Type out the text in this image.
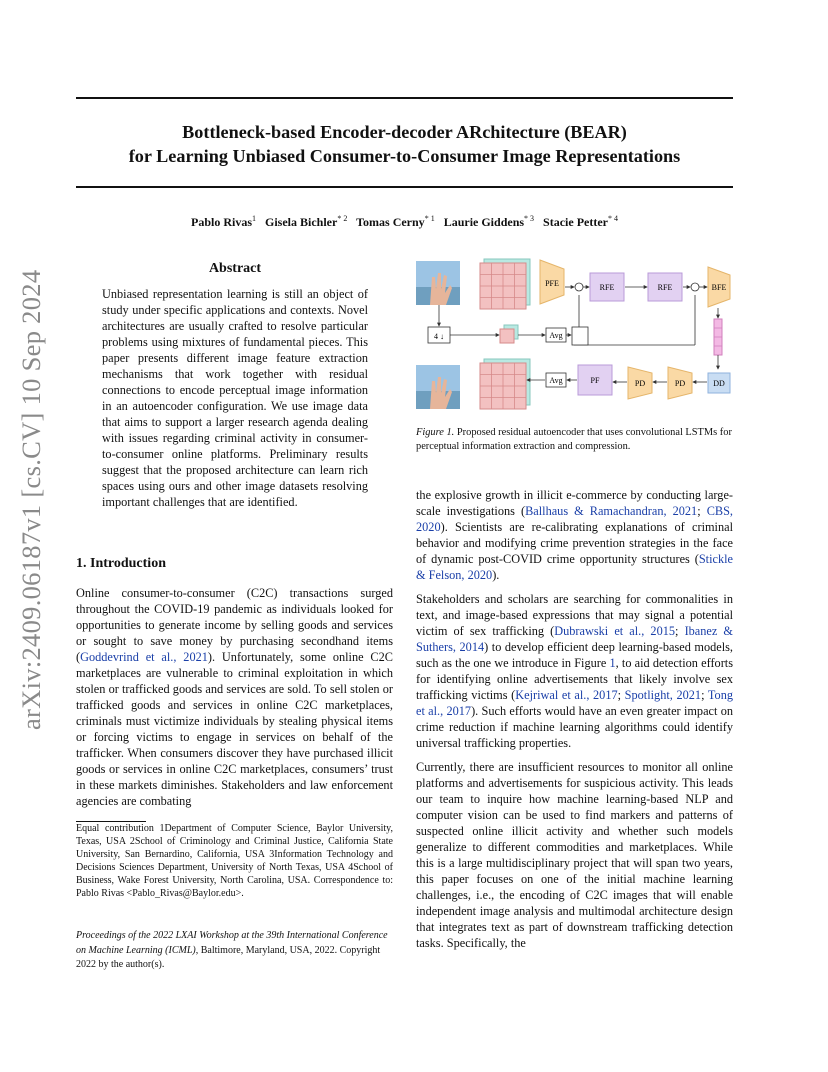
arXiv:2409.06187v1 [cs.CV] 10 Sep 2024
Bottleneck-based Encoder-decoder ARchitecture (BEAR)
for Learning Unbiased Consumer-to-Consumer Image Representations
Pablo Rivas$^1$ Gisela Bichler$^{* 2}$ Tomas Cerny$^{* 1}$ Laurie Giddens$^{* 3}$ Stacie Petter$^{* 4}$
Abstract
Unbiased representation learning is still an object of study under specific applications and contexts. Novel architectures are usually crafted to resolve particular problems using mixtures of fundamental pieces. This paper presents different image feature extraction mechanisms that work together with residual connections to encode perceptual image information in an autoencoder configuration. We use image data that aims to support a larger research agenda dealing with issues regarding criminal activity in consumer-to-consumer online platforms. Preliminary results suggest that the proposed architecture can learn rich spaces using ours and other image datasets resolving important challenges that are identified.
1. Introduction
Online consumer-to-consumer (C2C) transactions surged throughout the COVID-19 pandemic as individuals looked for opportunities to generate income by selling goods and services or sought to save money by purchasing secondhand items (Goddevrind et al., 2021). Unfortunately, some online C2C marketplaces are vulnerable to criminal exploitation in which stolen or trafficked goods and services are sold. To sell stolen or trafficked goods and services in online C2C marketplaces, criminals must victimize individuals by stealing physical items or forcing victims to engage in services on behalf of the trafficker. When consumers discover they have purchased illicit goods or services in online C2C marketplaces, consumers’ trust in these markets diminishes. Stakeholders and law enforcement agencies are combating
Equal contribution 1Department of Computer Science, Baylor University, Texas, USA 2School of Criminology and Criminal Justice, California State University, San Bernardino, California, USA 3Information Technology and Decisions Sciences Department, University of North Texas, USA 4School of Business, Wake Forest University, North Carolina, USA. Correspondence to: Pablo Rivas <Pablo_Rivas@Baylor.edu>.
Proceedings of the 2022 LXAI Workshop at the 39th International Conference on Machine Learning (ICML), Baltimore, Maryland, USA, 2022. Copyright 2022 by the author(s).
PFE	RFE	RFE	BFE
4 ↓	Avg
Avg	PF	PD	PD	DD
Figure 1. Proposed residual autoencoder that uses convolutional LSTMs for perceptual information extraction and compression.

the explosive growth in illicit e-commerce by conducting large-scale investigations (Ballhaus & Ramachandran, 2021; CBS, 2020). Scientists are re-calibrating explanations of criminal behavior and modifying crime prevention strategies in the face of dynamic post-COVID crime opportunity structures (Stickle & Felson, 2020).

Stakeholders and scholars are searching for commonalities in text, and image-based expressions that may signal a potential victim of sex trafficking (Dubrawski et al., 2015; Ibanez & Suthers, 2014) to develop efficient deep learning-based models, such as the one we introduce in Figure 1, to aid detection efforts for identifying online advertisements that likely involve sex trafficking victims (Kejriwal et al., 2017; Spotlight, 2021; Tong et al., 2017). Such efforts would have an even greater impact on crime reduction if machine learning algorithms could identify universal trafficking properties.

Currently, there are insufficient resources to monitor all online platforms and advertisements for suspicious activity. This leads our team to inquire how machine learning-based NLP and computer vision can be used to find markers and patterns of suspected online illicit activity and whether such models generalize to different commodities and marketplaces. While this is a large multidisciplinary project that will span two years, this paper focuses on one of the initial machine learning challenges, i.e., the encoding of C2C images that will enable independent image analysis and multimodal architecture design that integrates text as part of downstream trafficking detection tasks. Specifically, the
